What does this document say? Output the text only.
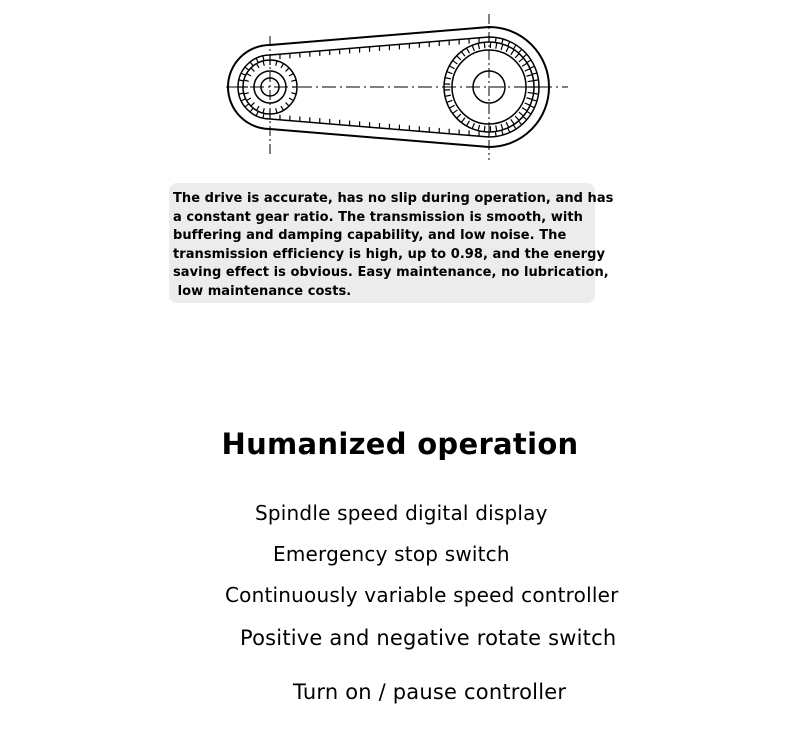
The drive is accurate, has no slip during operation, and has
a constant gear ratio. The transmission is smooth, with
buffering and damping capability, and low noise. The
transmission efficiency is high, up to 0.98, and the energy
saving effect is obvious. Easy maintenance, no lubrication,
low maintenance costs.
Humanized operation
Spindle speed digital display
Emergency stop switch
Continuously variable speed controller
Positive and negative rotate switch
Turn on / pause controller
